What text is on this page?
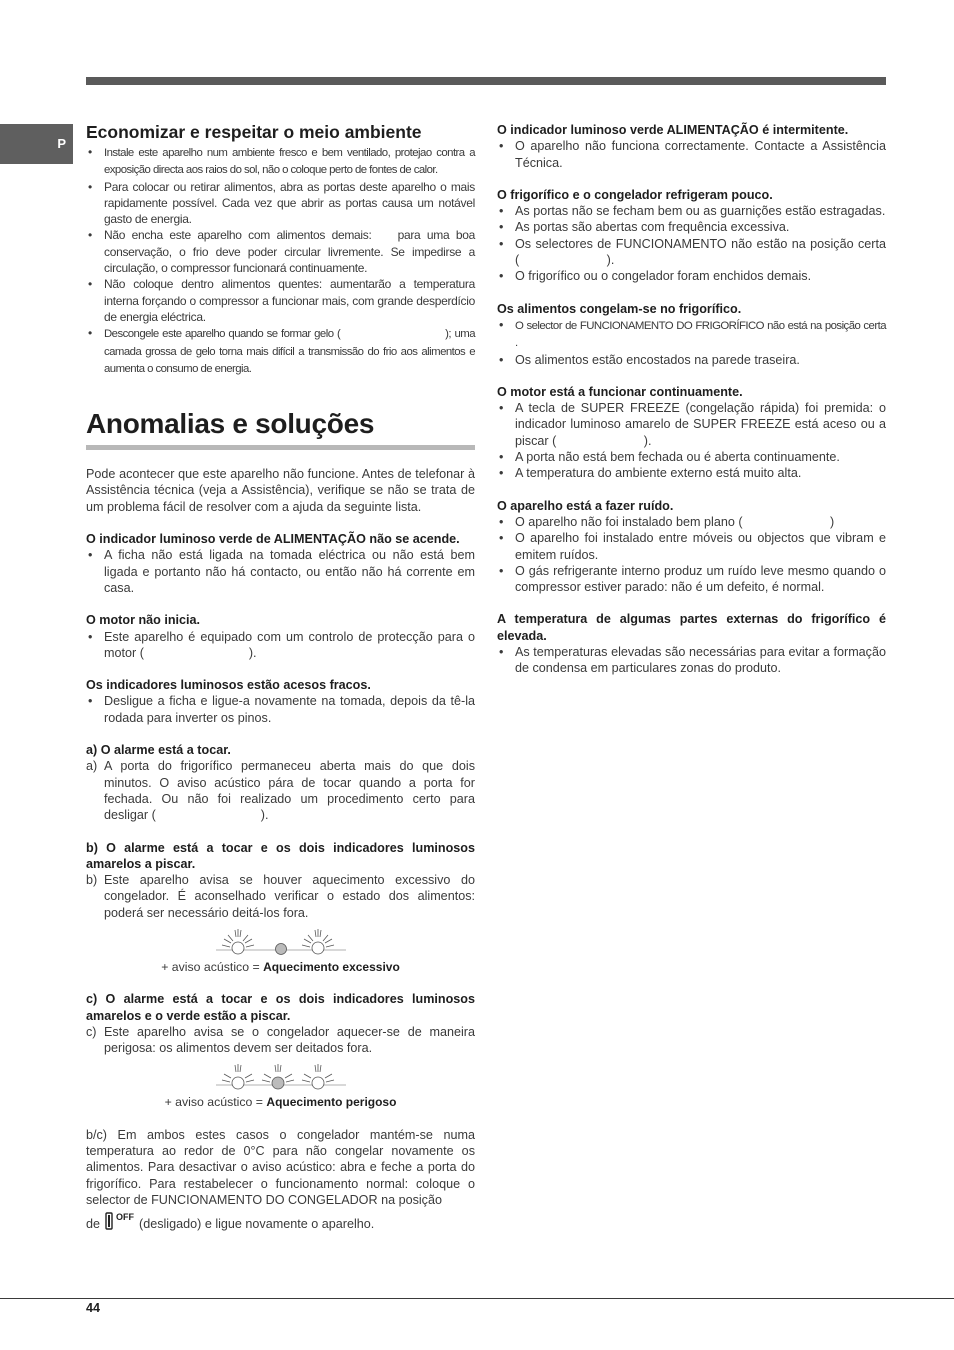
P
Economizar e respeitar o meio ambiente
• Instale este aparelho num ambiente fresco e bem ventilado, protejao contra a exposição directa aos raios do sol, não o coloque perto de fontes de calor.
• Para colocar ou retirar alimentos, abra as portas deste aparelho o mais rapidamente possível. Cada vez que abrir as portas causa um notável gasto de energia.
• Não encha este aparelho com alimentos demais:    para uma boa conservação, o frio deve poder circular livremente. Se impedirse a circulação, o compressor funcionará continuamente.
• Não coloque dentro alimentos quentes: aumentarão a temperatura interna forçando o compressor a funcionar mais, com grande desperdício de energia eléctrica.
• Descongele este aparelho quando se formar gelo (                              ); uma camada grossa de gelo torna mais difícil a transmissão do frio aos alimentos e aumenta o consumo de energia.
Anomalias e soluções

Pode acontecer que este aparelho não funcione. Antes de telefonar à Assistência técnica (veja a Assistência), verifique se não se trata de um problema fácil de resolver com a ajuda da seguinte lista.

O indicador luminoso verde de ALIMENTAÇÃO não se acende.

• A ficha não está ligada na tomada eléctrica ou não está bem ligada e portanto não há contacto, ou então não há corrente em casa.

O motor não inicia.

• Este aparelho é equipado com um controlo de protecção para o motor (                              ).

Os indicadores luminosos estão acesos fracos.

• Desligue a ficha e ligue-a novamente na tomada, depois da tê-la rodada para inverter os pinos.

a) O alarme está a tocar.

a) A porta do frigorífico permaneceu aberta mais do que dois minutos. O aviso acústico pára de tocar quando a porta for fechada. Ou não foi realizado um procedimento certo para desligar (                              ).

b) O alarme está a tocar e os dois indicadores luminosos amarelos a piscar.

b) Este aparelho avisa se houver aquecimento excessivo do congelador. É aconselhado verificar o estado dos alimentos: poderá ser necessário deitá-los fora.
+ aviso acústico = Aquecimento excessivo

c) O alarme está a tocar e os dois indicadores luminosos amarelos e o verde estão a piscar.

c) Este aparelho avisa se o congelador aquecer-se de maneira perigosa: os alimentos devem ser deitados fora.
+ aviso acústico = Aquecimento perigoso

b/c) Em ambos estes casos o congelador mantém-se numa temperatura ao redor de 0°C para não congelar novamente os alimentos. Para desactivar o aviso acústico: abra e feche a porta do frigorífico. Para restabelecer o funcionamento normal: coloque o selector de FUNCIONAMENTO DO CONGELADOR na posição

de OFF (desligado) e ligue novamente o aparelho.

O indicador luminoso verde ALIMENTAÇÃO é intermitente.

• O aparelho não funciona correctamente. Contacte a Assistência Técnica.

O frigorífico e o congelador refrigeram pouco.

• As portas não se fecham bem ou as guarnições estão estragadas.
• As portas são abertas com frequência excessiva.
• Os selectores de FUNCIONAMENTO não estão na posição certa (                         ).
• O frigorífico ou o congelador foram enchidos demais.

Os alimentos congelam-se no frigorífico.

• O selector de FUNCIONAMENTO DO FRIGORÍFICO não está na posição certa                          .
• Os alimentos estão encostados na parede traseira.

O motor está a funcionar continuamente.

• A tecla de SUPER FREEZE (congelação rápida) foi premida: o indicador luminoso amarelo de SUPER FREEZE está aceso ou a piscar (                         ).
• A porta não está bem fechada ou é aberta continuamente.
• A temperatura do ambiente externo está muito alta.

O aparelho está a fazer ruído.

• O aparelho não foi instalado bem plano (                         )
• O aparelho foi instalado entre móveis ou objectos que vibram e emitem ruídos.
• O gás refrigerante interno produz um ruído leve mesmo quando o compressor estiver parado: não é um defeito, é normal.

A temperatura de algumas partes externas do frigorífico é elevada.

• As temperaturas elevadas são necessárias para evitar a formação de condensa em particulares zonas do produto.
44
